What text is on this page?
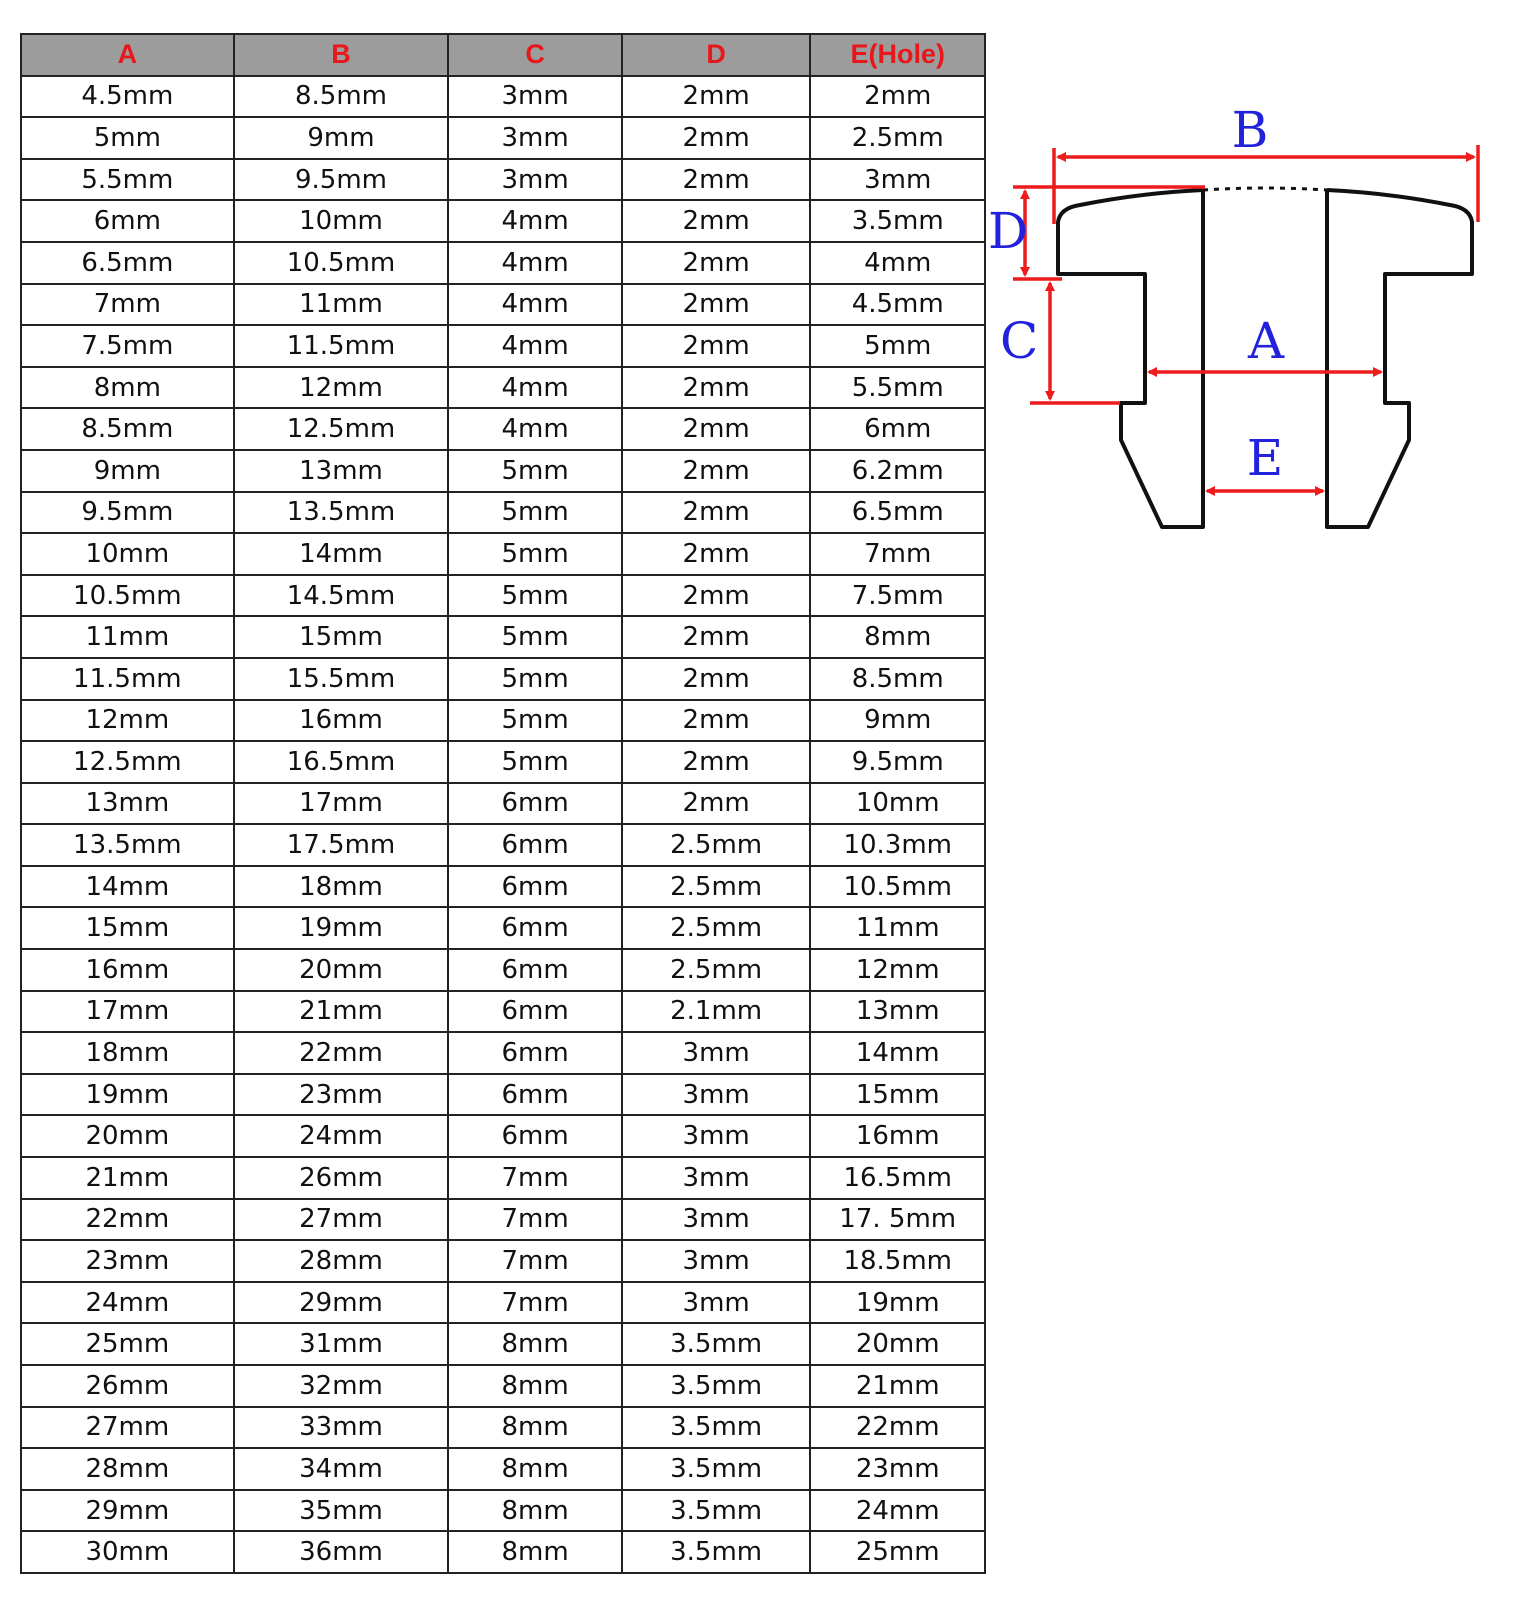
A	B	C	D	E(Hole)
4.5mm	8.5mm	3mm	2mm	2mm
5mm	9mm	3mm	2mm	2.5mm
5.5mm	9.5mm	3mm	2mm	3mm
6mm	10mm	4mm	2mm	3.5mm
6.5mm	10.5mm	4mm	2mm	4mm
7mm	11mm	4mm	2mm	4.5mm
7.5mm	11.5mm	4mm	2mm	5mm
8mm	12mm	4mm	2mm	5.5mm
8.5mm	12.5mm	4mm	2mm	6mm
9mm	13mm	5mm	2mm	6.2mm
9.5mm	13.5mm	5mm	2mm	6.5mm
10mm	14mm	5mm	2mm	7mm
10.5mm	14.5mm	5mm	2mm	7.5mm
11mm	15mm	5mm	2mm	8mm
11.5mm	15.5mm	5mm	2mm	8.5mm
12mm	16mm	5mm	2mm	9mm
12.5mm	16.5mm	5mm	2mm	9.5mm
13mm	17mm	6mm	2mm	10mm
13.5mm	17.5mm	6mm	2.5mm	10.3mm
14mm	18mm	6mm	2.5mm	10.5mm
15mm	19mm	6mm	2.5mm	11mm
16mm	20mm	6mm	2.5mm	12mm
17mm	21mm	6mm	2.1mm	13mm
18mm	22mm	6mm	3mm	14mm
19mm	23mm	6mm	3mm	15mm
20mm	24mm	6mm	3mm	16mm
21mm	26mm	7mm	3mm	16.5mm
22mm	27mm	7mm	3mm	17. 5mm
23mm	28mm	7mm	3mm	18.5mm
24mm	29mm	7mm	3mm	19mm
25mm	31mm	8mm	3.5mm	20mm
26mm	32mm	8mm	3.5mm	21mm
27mm	33mm	8mm	3.5mm	22mm
28mm	34mm	8mm	3.5mm	23mm
29mm	35mm	8mm	3.5mm	24mm
30mm	36mm	8mm	3.5mm	25mm
B
D
C	A
E
